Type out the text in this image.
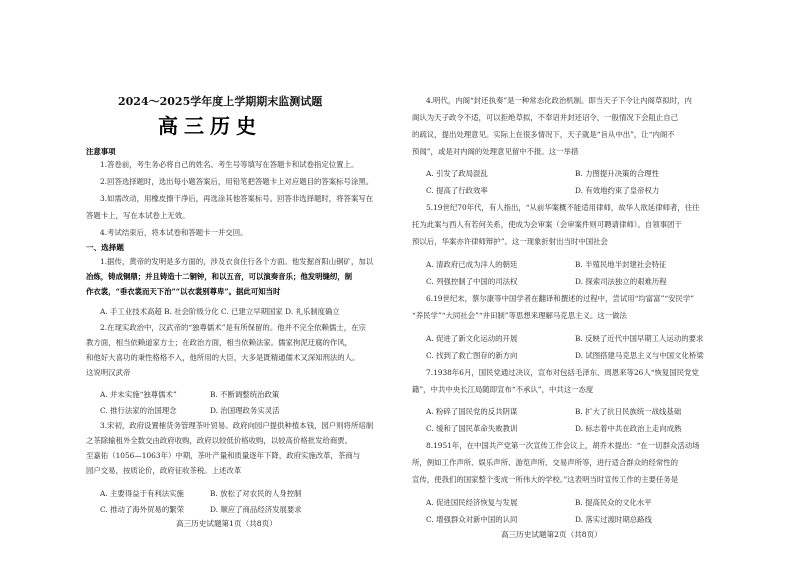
2024～2025学年度上学期期末监测试题
高三历史
注意事项
1.答卷前，考生务必将自己的姓名、考生号等填写在答题卡和试卷指定位置上。
2.回答选择题时，选出每小题答案后，用铅笔把答题卡上对应题目的答案标号涂黑。
3.如需改动，用橡皮擦干净后，再选涂其他答案标号。回答非选择题时，将答案写在
答题卡上，写在本试卷上无效。
4.考试结束后，将本试卷和答题卡一并交回。
一、选择题
1.据传，黄帝的发明是多方面的，涉及衣食住行各个方面。他发掘首阳山铜矿，加以
冶炼，铸成铜鼎；并且铸造十二铜钟，和以五音，可以演奏音乐；他发明缝纫，制
作衣裳，“垂衣裳而天下治”“以衣裳别尊卑”。据此可知当时
A. 手工业技术高超 B. 社会阶级分化 C. 已建立早期国家 D. 礼乐制度确立
2.在现实政治中，汉武帝的“独尊儒术”是有所保留的。他并不完全依赖儒士，在宗
教方面，相当依赖道家方士；在政治方面，相当依赖法家。儒家拘泥迂腐的作风，
和他好大喜功的秉性格格不入，他所用的大臣，大多是既精通儒术又深知刑法的人。
这说明汉武帝
A. 并未实施“独尊儒术”	B. 不断调整统治政策
C. 推行法家的治国理念	D. 治国理政务实灵活
3.宋初，政府设置榷货务管理茶叶贸易。政府向园户提供种植本钱，园户则将所焙制
之茶除输租外全数交由政府收购，政府以较低价格收购，以较高价格批发给商贾。
至嘉佑（1056—1063年）中期，茶叶产量和质量逐年下降，政府实施改革，茶商与
园户交易，按质论价，政府征收茶税。上述改革
A. 主要得益于有利法实施	B. 放松了对农民的人身控制
C. 推动了海外贸易的繁荣	D. 顺应了商品经济发展要求
高三历史试题第1页（共8页）
4.明代，内阁“封还执奏”是一种常态化政治机制。即当天子下令让内阁草拟时，内
阁认为天子政令不适，可以拒绝草拟，不奉诏并封还诏令，一般情况下会阻止自己
的疏议，提出处理意见。实际上在很多情况下，天子就是“旨从中出”，让“内阁不
预闻”，或是对内阁的处理意见留中不报。这一举措
A. 引发了政局混乱	B. 力图提升决策的合理性
C. 提高了行政效率	D. 有效地约束了皇帝权力
5.19世纪70年代，有人指出，“从前华案概不能适用律师，故华人欲延律师者，往往
托为此案与西人有若何关系，使成为会审案（会审案件则可聘请律师）。自领事团干
预以后，华案亦许律师辩护”。这一现象折射出当时中国社会
A. 清政府已成为洋人的朝廷	B. 半殖民地半封建社会特征
C. 列强控制了中国的司法权	D. 探索司法独立的艰难历程
6.19世纪末，蔡尔康等中国学者在翻译和撰述的过程中，尝试用“均富富”“安民学”
“养民学”“大同社会”“井田制”等思想来理解马克思主义。这一做法
A. 促进了新文化运动的开展	B. 反映了近代中国早期工人运动的要求
C. 找到了救亡图存的新方向	D. 试图搭建马克思主义与中国文化桥梁
7.1938年6月，国民党通过决议，宣布对包括毛泽东、周恩来等26人“恢复国民党党
籍”，中共中央长江局随即宣布“不承认”，中共这一态度
A. 粉碎了国民党的反共阴谋	B. 扩大了抗日民族统一战线基础
C. 缓和了国民革命失败教训	D. 标志着中共在政治上走向成熟
8.1951年，在中国共产党第一次宣传工作会议上，胡乔木提出：“在一切群众活动场
所，例如工作声所、娱乐声所、游览声所、交易声所等，进行适合群众的经常性的
宣传，使我们的国家整个变成一所伟大的学校。”这表明当时宣传工作的主要任务是
A. 促进国民经济恢复与发展	B. 提高民众的文化水平
C. 增强群众对新中国的认同	D. 落实过渡时期总路线
高三历史试题第2页（共8页）
